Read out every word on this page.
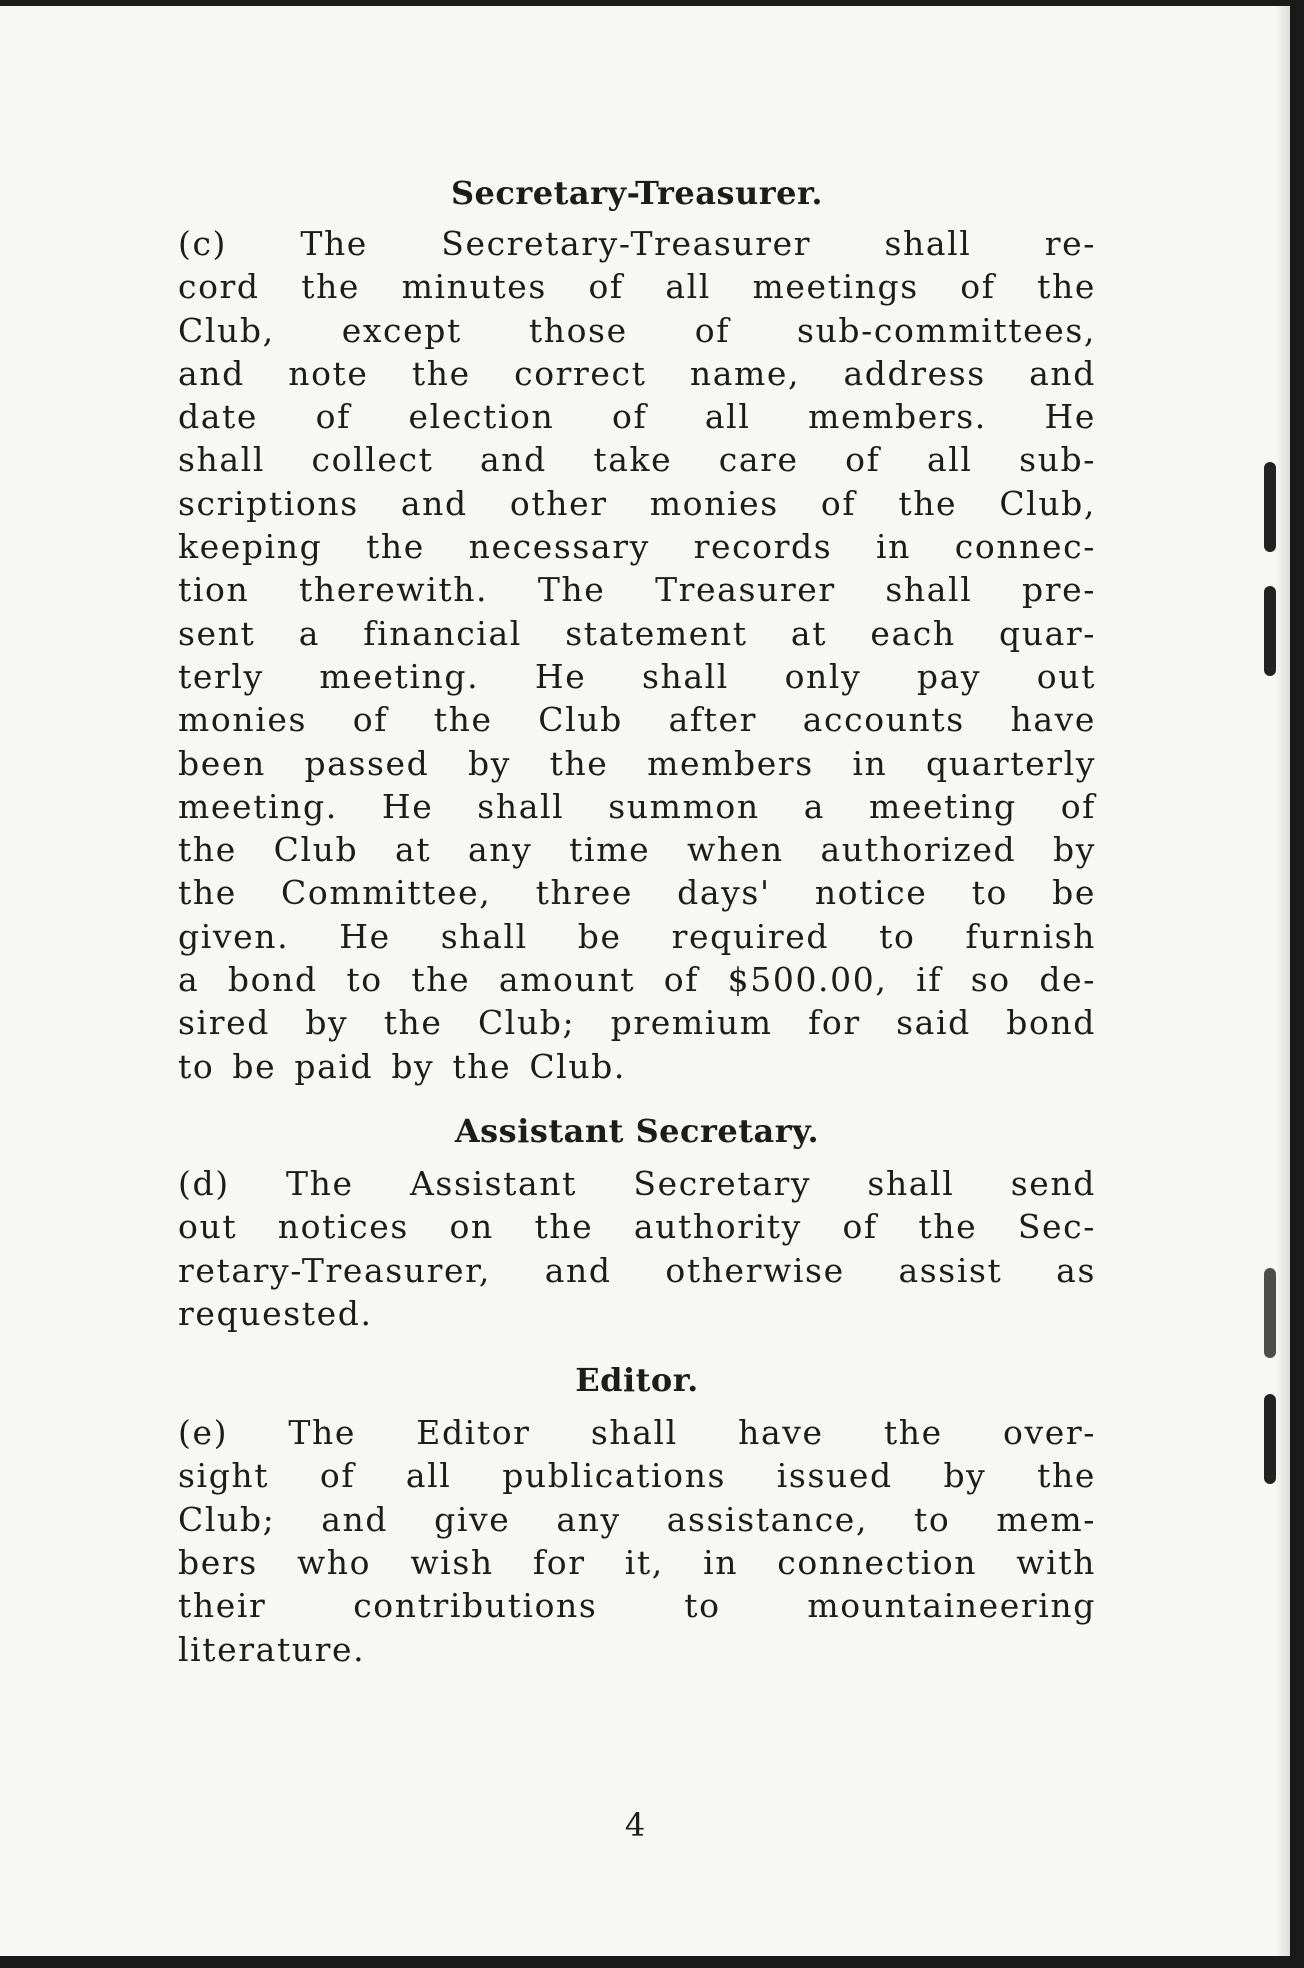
Secretary-Treasurer.

(c) The Secretary-Treasurer shall re-
cord the minutes of all meetings of the
Club, except those of sub-committees,
and note the correct name, address and
date of election of all members. He
shall collect and take care of all sub-
scriptions and other monies of the Club,
keeping the necessary records in connec-
tion therewith. The Treasurer shall pre-
sent a financial statement at each quar-
terly meeting. He shall only pay out
monies of the Club after accounts have
been passed by the members in quarterly
meeting. He shall summon a meeting of
the Club at any time when authorized by
the Committee, three days' notice to be
given. He shall be required to furnish
a bond to the amount of $500.00, if so de-
sired by the Club; premium for said bond
to be paid by the Club.

Assistant Secretary.

(d) The Assistant Secretary shall send
out notices on the authority of the Sec-
retary-Treasurer, and otherwise assist as
requested.

Editor.

(e) The Editor shall have the over-
sight of all publications issued by the
Club; and give any assistance, to mem-
bers who wish for it, in connection with
their contributions to mountaineering
literature.

4
